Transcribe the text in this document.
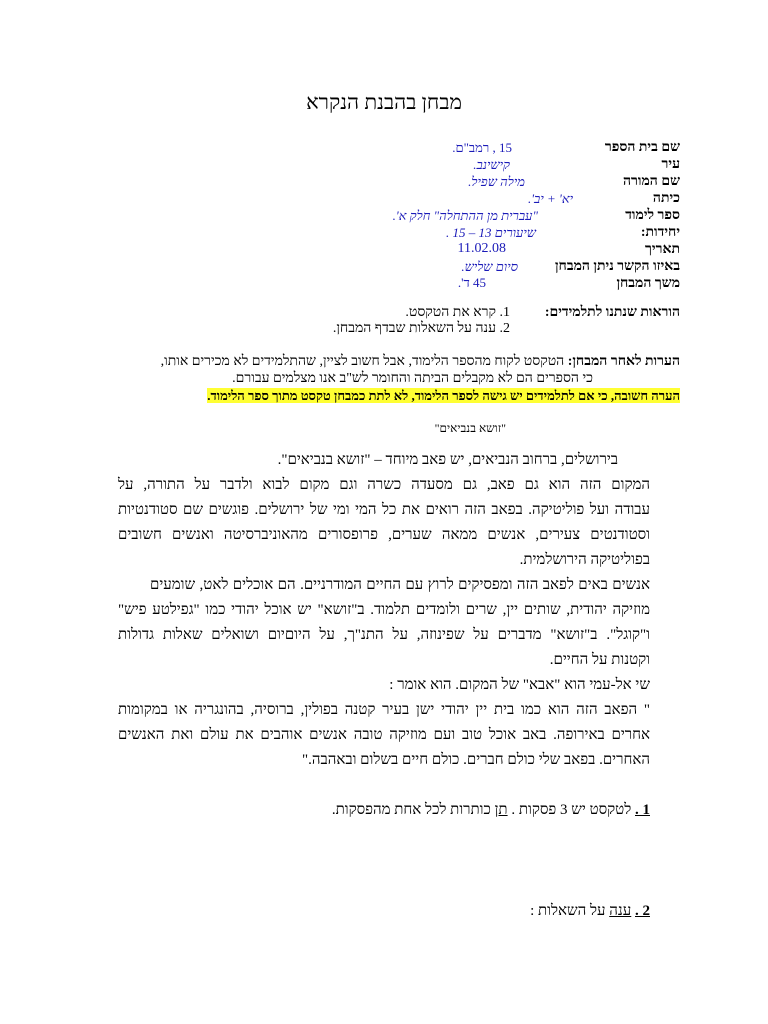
מבחן בהבנת הנקרא
שם בית הספר
עיר
שם המורה
כיתה
ספר לימוד
יחידות:
תאריך
באיזו הקשר ניתן המבחן
משך המבחן
15 , רמב"ם.
קישינב.
מילה שפיל.
יא' + יב'.
"עברית מן ההתחלה" חלק א'.
שיעורים 13 – 15 .
11.02.08
סיום שליש.
45 ד'.
הוראות שנתנו לתלמידים:
1. קרא את הטקסט.
2. ענה על השאלות שבדף המבחן.
הערות לאחר המבחן: הטקסט לקוח מהספר הלימוד, אבל חשוב לציין, שהתלמידים לא מכירים אותו,
כי הספרים הם לא מקבלים הביתה והחומר לש"ב אנו מצלמים עבורם.
הערה חשובה, כי אם לתלמידים יש גישה לספר הלימוד, לא לתת כמבחן טקסט מתוך ספר הלימוד.
"זושא בנביאים"
בירושלים, ברחוב הנביאים, יש פאב מיוחד – "זושא בנביאים".
המקום הזה הוא גם פאב, גם מסעדה כשרה וגם מקום לבוא ולדבר על התורה, על
עבודה ועל פוליטיקה. בפאב הזה רואים את כל המי ומי של ירושלים. פוגשים שם סטודנטיות
וסטודנטים צעירים, אנשים ממאה שערים, פרופסורים מהאוניברסיטה ואנשים חשובים
בפוליטיקה הירושלמית.
אנשים באים לפאב הזה ומפסיקים לרוץ עם החיים המודרניים. הם אוכלים לאט, שומעים
מוזיקה יהודית, שותים יין, שרים ולומדים תלמוד. ב"זושא" יש אוכל יהודי כמו "גפילטע פיש"
ו"קוגל". ב"זושא" מדברים על שפינוזה, על התנ"ך, על היוםיום ושואלים שאלות גדולות
וקטנות על החיים.
שי אל-עמי הוא "אבא" של המקום. הוא אומר :
" הפאב הזה הוא כמו בית יין יהודי ישן בעיר קטנה בפולין, ברוסיה, בהונגריה או במקומות
אחרים באירופה. באב אוכל טוב ועם מוזיקה טובה אנשים אוהבים את עולם ואת האנשים
האחרים. בפאב שלי כולם חברים. כולם חיים בשלום ובאהבה."
1 . לטקסט יש 3 פסקות . תן כותרות לכל אחת מהפסקות.
2 . ענה על השאלות :
